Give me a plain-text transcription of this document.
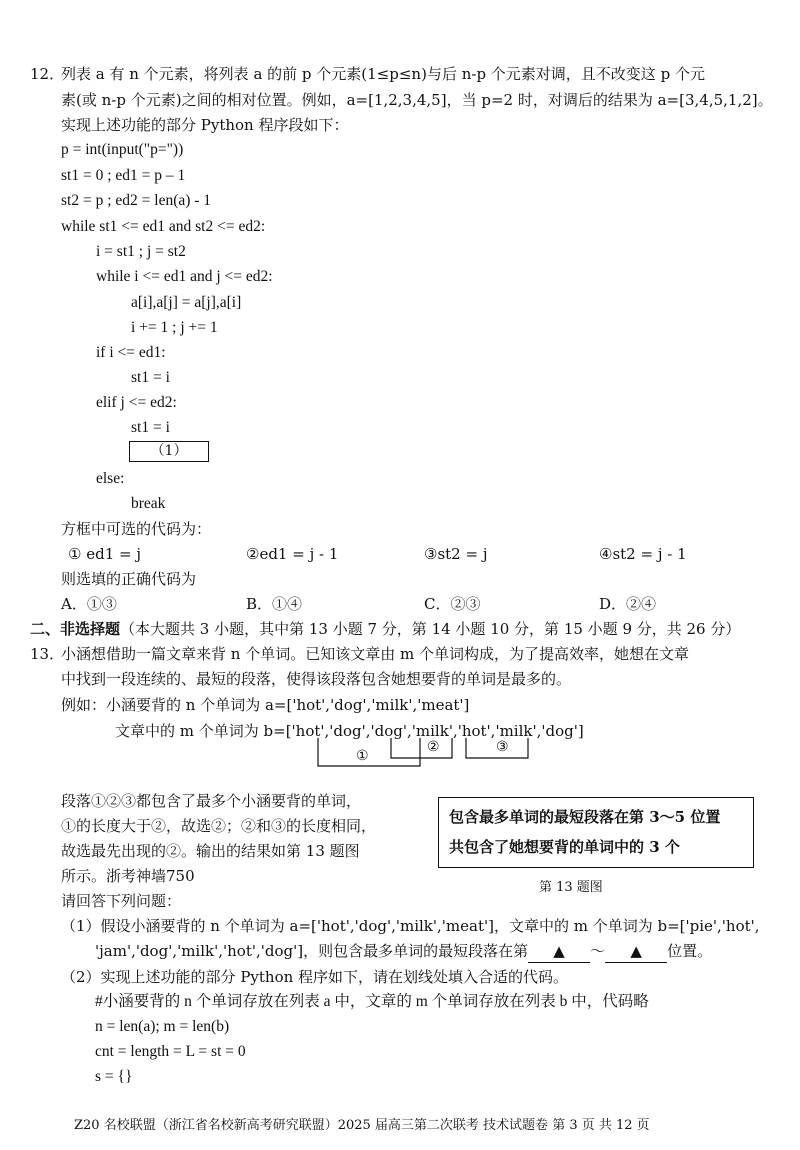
12．
列表 a 有 n 个元素，将列表 a 的前 p 个元素(1≤p≤n)与后 n-p 个元素对调，且不改变这 p 个元
素(或 n-p 个元素)之间的相对位置。例如，a=[1,2,3,4,5]，当 p=2 时，对调后的结果为 a=[3,4,5,1,2]。
实现上述功能的部分 Python 程序段如下：
p = int(input("p="))
st1 = 0 ; ed1 = p – 1
st2 = p ; ed2 = len(a) - 1
while st1 <= ed1 and st2 <= ed2:
i = st1 ; j = st2
while i <= ed1 and j <= ed2:
a[i],a[j] = a[j],a[i]
i += 1 ; j += 1
if i <= ed1:
st1 = i
elif j <= ed2:
st1 = i
（1）
else:
break
方框中可选的代码为：
① ed1 = j	②ed1 = j - 1	③st2 = j	④st2 = j - 1
则选填的正确代码为
A．①③	B．①④	C．②③	D．②④
二、非选择题（本大题共 3 小题，其中第 13 小题 7 分，第 14 小题 10 分，第 15 小题 9 分，共 26 分）
13．
小涵想借助一篇文章来背 n 个单词。已知该文章由 m 个单词构成，为了提高效率，她想在文章
中找到一段连续的、最短的段落，使得该段落包含她想要背的单词是最多的。
例如：小涵要背的 n 个单词为 a=['hot','dog','milk','meat']
文章中的 m 个单词为 b=['hot','dog','dog','milk','hot','milk','dog']
①
②	③
段落①②③都包含了最多个小涵要背的单词，
①的长度大于②，故选②；②和③的长度相同，
故选最先出现的②。输出的结果如第 13 题图
所示。浙考神墙750
包含最多单词的最短段落在第 3～5 位置
共包含了她想要背的单词中的 3 个
第 13 题图
请回答下列问题：
（1）假设小涵要背的 n 个单词为 a=['hot','dog','milk','meat']，文章中的 m 个单词为 b=['pie','hot',
'jam','dog','milk','hot','dog']，则包含最多单词的最短段落在第 ▲ ～ ▲ 位置。
（2）实现上述功能的部分 Python 程序如下，请在划线处填入合适的代码。
#小涵要背的 n 个单词存放在列表 a 中，文章的 m 个单词存放在列表 b 中，代码略
n = len(a); m = len(b)
cnt = length = L = st = 0
s = {}
Z20 名校联盟（浙江省名校新高考研究联盟）2025 届高三第二次联考 技术试题卷 第 3 页 共 12 页
